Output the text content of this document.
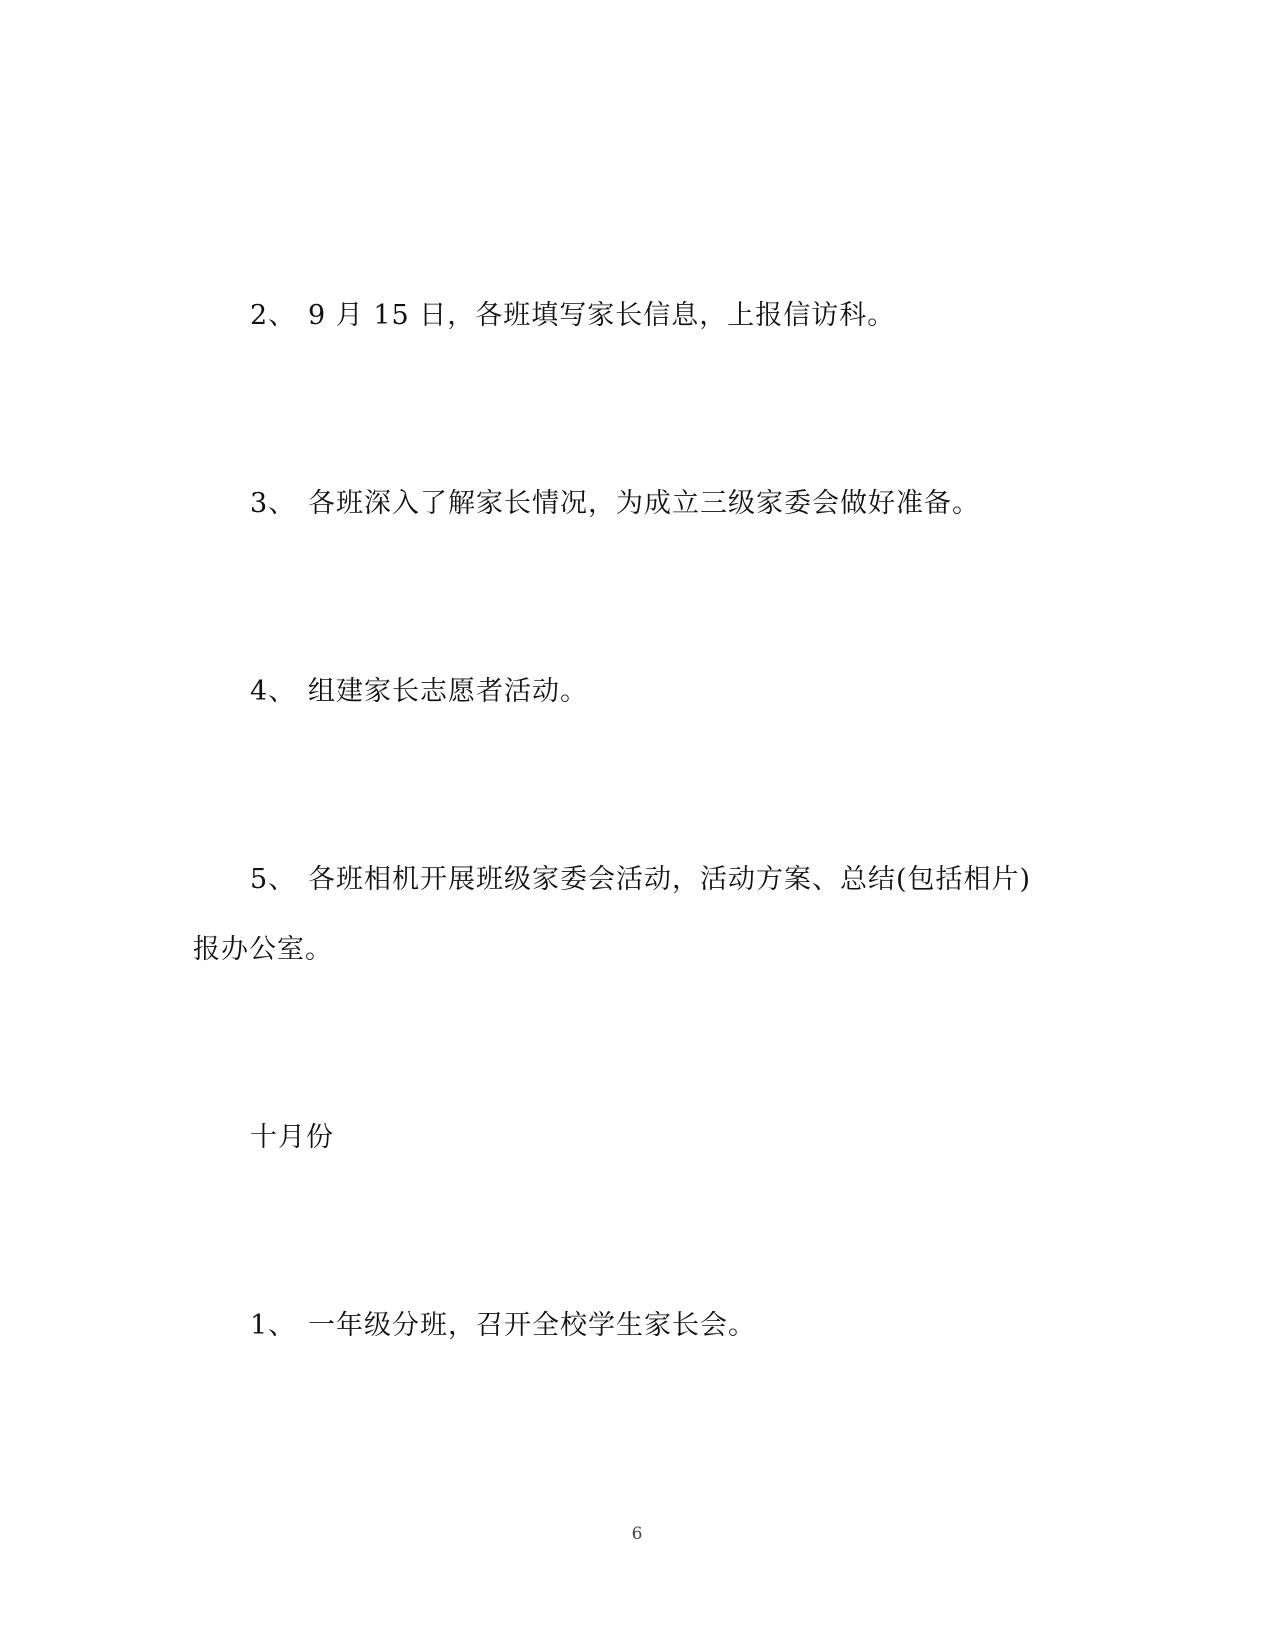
2、 9 月 15 日，各班填写家长信息，上报信访科。
3、 各班深入了解家长情况，为成立三级家委会做好准备。
4、 组建家长志愿者活动。
5、 各班相机开展班级家委会活动，活动方案、总结(包括相片)
报办公室。
十月份
1、 一年级分班，召开全校学生家长会。
6
